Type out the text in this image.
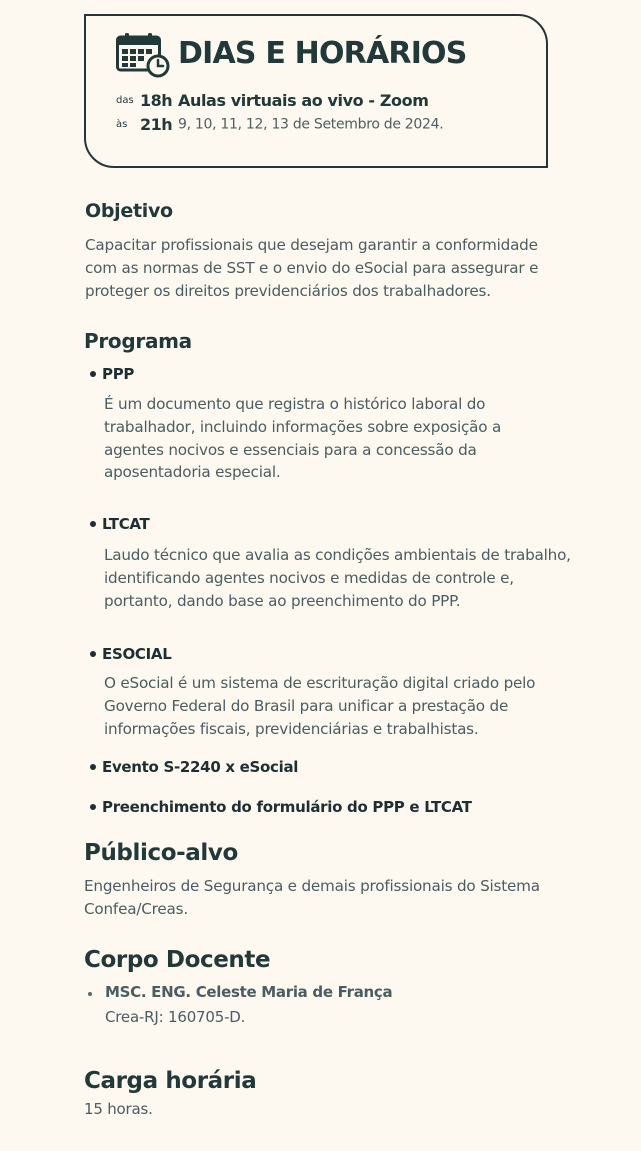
DIAS E HORÁRIOS
das 18h Aulas virtuais ao vivo - Zoom
às 21h 9, 10, 11, 12, 13 de Setembro de 2024.
Objetivo
Capacitar profissionais que desejam garantir a conformidade com as normas de SST e o envio do eSocial para assegurar e proteger os direitos previdenciários dos trabalhadores.
Programa
PPP
É um documento que registra o histórico laboral do trabalhador, incluindo informações sobre exposição a agentes nocivos e essenciais para a concessão da aposentadoria especial.
LTCAT
Laudo técnico que avalia as condições ambientais de trabalho, identificando agentes nocivos e medidas de controle e, portanto, dando base ao preenchimento do PPP.
ESOCIAL
O eSocial é um sistema de escrituração digital criado pelo Governo Federal do Brasil para unificar a prestação de informações fiscais, previdenciárias e trabalhistas.
Evento S-2240 x eSocial
Preenchimento do formulário do PPP e LTCAT
Público-alvo
Engenheiros de Segurança e demais profissionais do Sistema Confea/Creas.
Corpo Docente
MSC. ENG. Celeste Maria de França
Crea-RJ: 160705-D.
Carga horária
15 horas.
